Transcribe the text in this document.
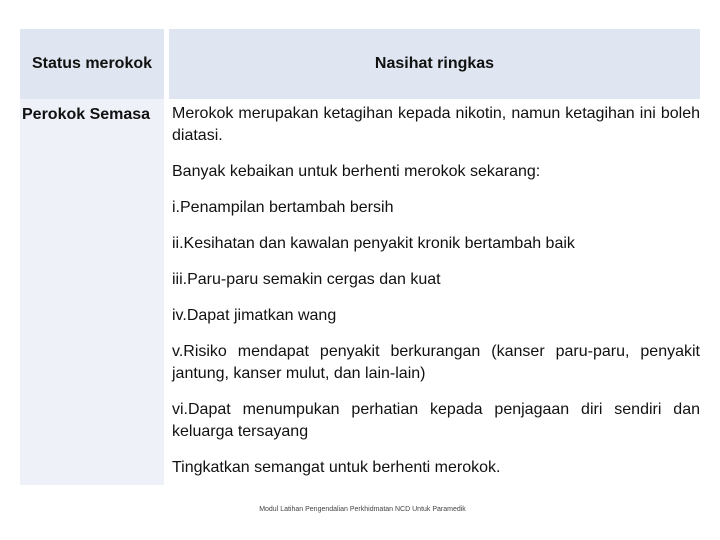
Status merokok	Nasihat ringkas
Perokok Semasa	Merokok merupakan ketagihan kepada nikotin, namun ketagihan ini boleh diatasi.

Banyak kebaikan untuk berhenti merokok sekarang:

i.Penampilan bertambah bersih

ii.Kesihatan dan kawalan penyakit kronik bertambah baik

iii.Paru-paru semakin cergas dan kuat

iv.Dapat jimatkan wang

v.Risiko mendapat penyakit berkurangan (kanser paru-paru, penyakit jantung, kanser mulut, dan lain-lain)

vi.Dapat menumpukan perhatian kepada penjagaan diri sendiri dan keluarga tersayang

Tingkatkan semangat untuk berhenti merokok.

Modul Latihan Pengendalian Perkhidmatan NCD Untuk Paramedik
